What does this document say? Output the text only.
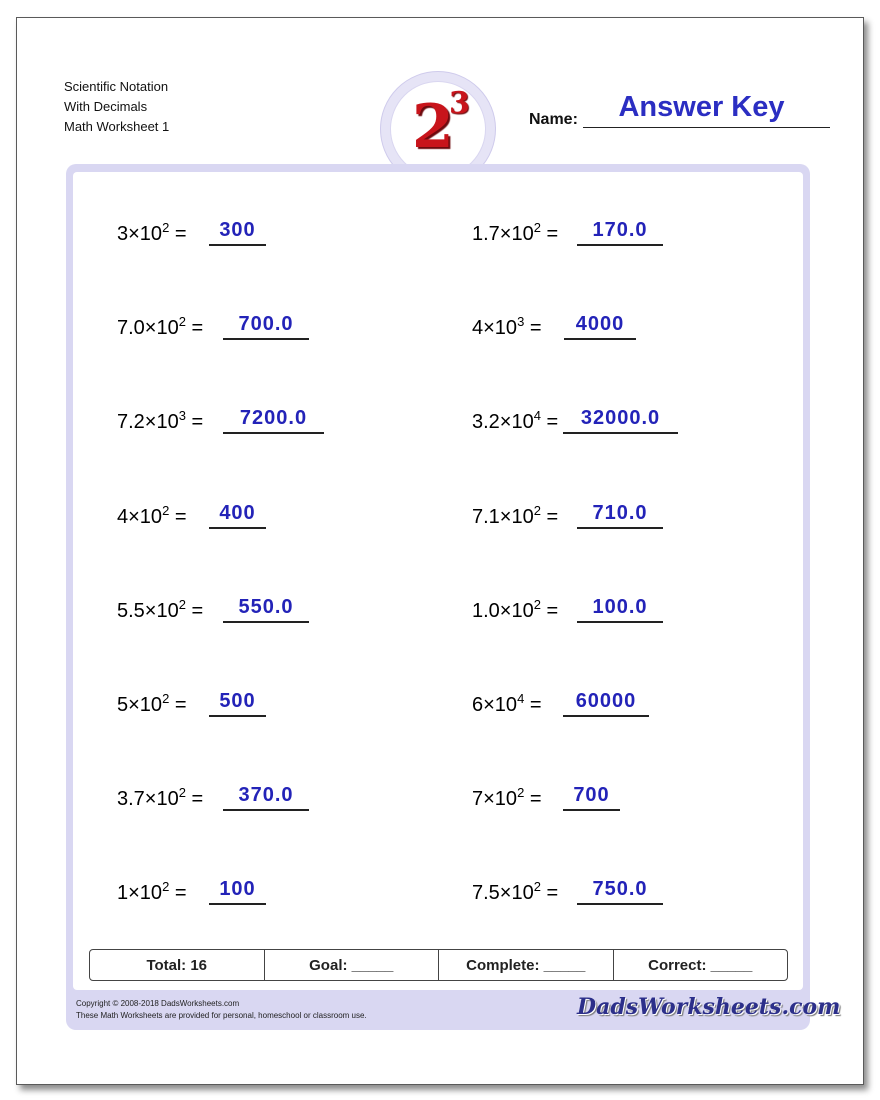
Scientific Notation
With Decimals
Math Worksheet 1	2
3	Name:	Answer Key
$3\times 10^2$ =	300	$1.7\times 10^2$ =	170.0
$7.0\times 10^2$ =	700.0	$4\times 10^3$ =	4000
$7.2\times 10^3$ =	7200.0	$3.2\times 10^4$ =	32000.0
$4\times 10^2$ =	400	$7.1\times 10^2$ =	710.0
$5.5\times 10^2$ =	550.0	$1.0\times 10^2$ =	100.0
$5\times 10^2$ =	500	$6\times 10^4$ =	60000
$3.7\times 10^2$ =	370.0	$7\times 10^2$ =	700
$1\times 10^2$ =	100	$7.5\times 10^2$ =	750.0
Total: 16	Goal: _____	Complete: _____	Correct: _____
Copyright © 2008-2018 DadsWorksheets.com
These Math Worksheets are provided for personal, homeschool or classroom use.	DadsWorksheets.com
